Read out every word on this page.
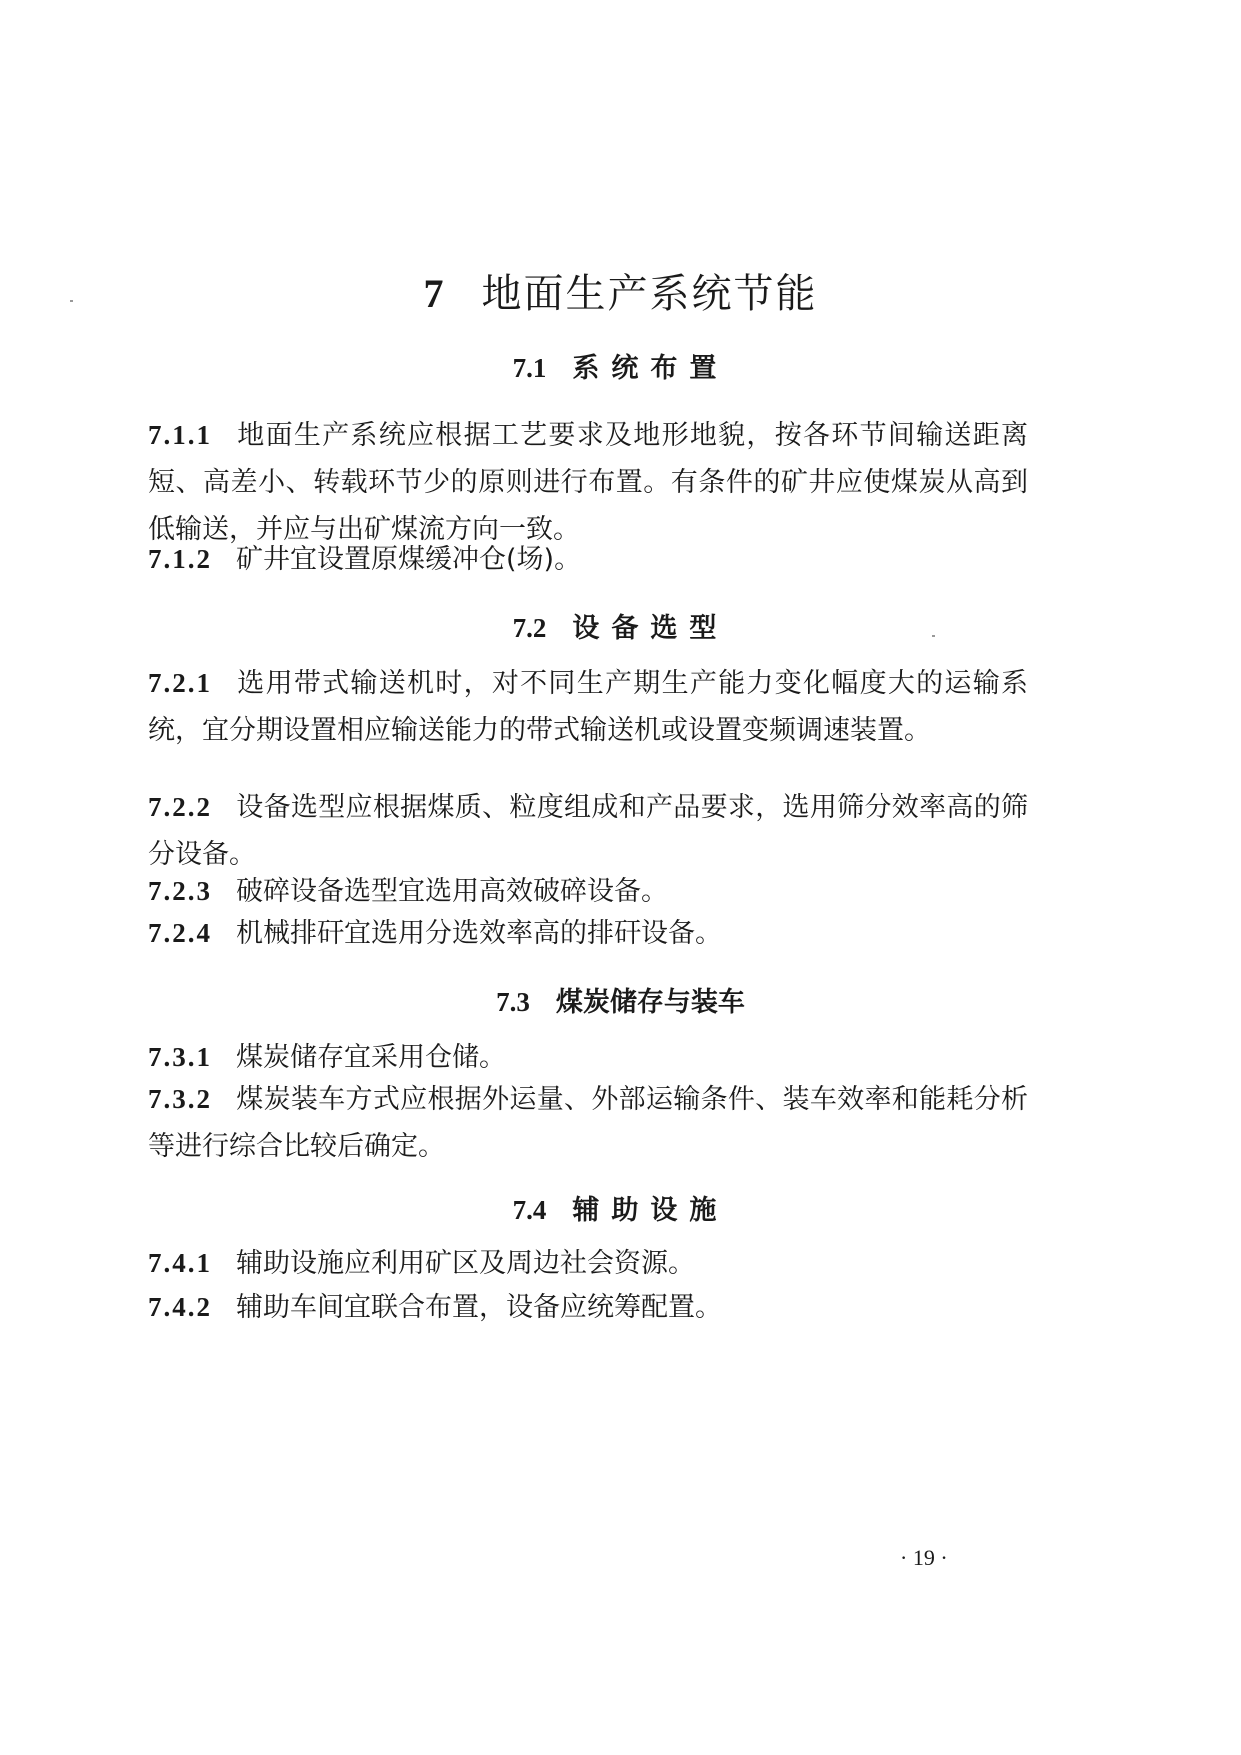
7 地面生产系统节能
7.1 系统布置
7.1.1 地面生产系统应根据工艺要求及地形地貌，按各环节间输送距离短、高差小、转载环节少的原则进行布置。有条件的矿井应使煤炭从高到低输送，并应与出矿煤流方向一致。
7.1.2 矿井宜设置原煤缓冲仓(场)。
7.2 设备选型
7.2.1 选用带式输送机时，对不同生产期生产能力变化幅度大的运输系统，宜分期设置相应输送能力的带式输送机或设置变频调速装置。
7.2.2 设备选型应根据煤质、粒度组成和产品要求，选用筛分效率高的筛分设备。
7.2.3 破碎设备选型宜选用高效破碎设备。
7.2.4 机械排矸宜选用分选效率高的排矸设备。
7.3 煤炭储存与装车
7.3.1 煤炭储存宜采用仓储。
7.3.2 煤炭装车方式应根据外运量、外部运输条件、装车效率和能耗分析等进行综合比较后确定。
7.4 辅助设施
7.4.1 辅助设施应利用矿区及周边社会资源。
7.4.2 辅助车间宜联合布置，设备应统筹配置。
· 19 ·
